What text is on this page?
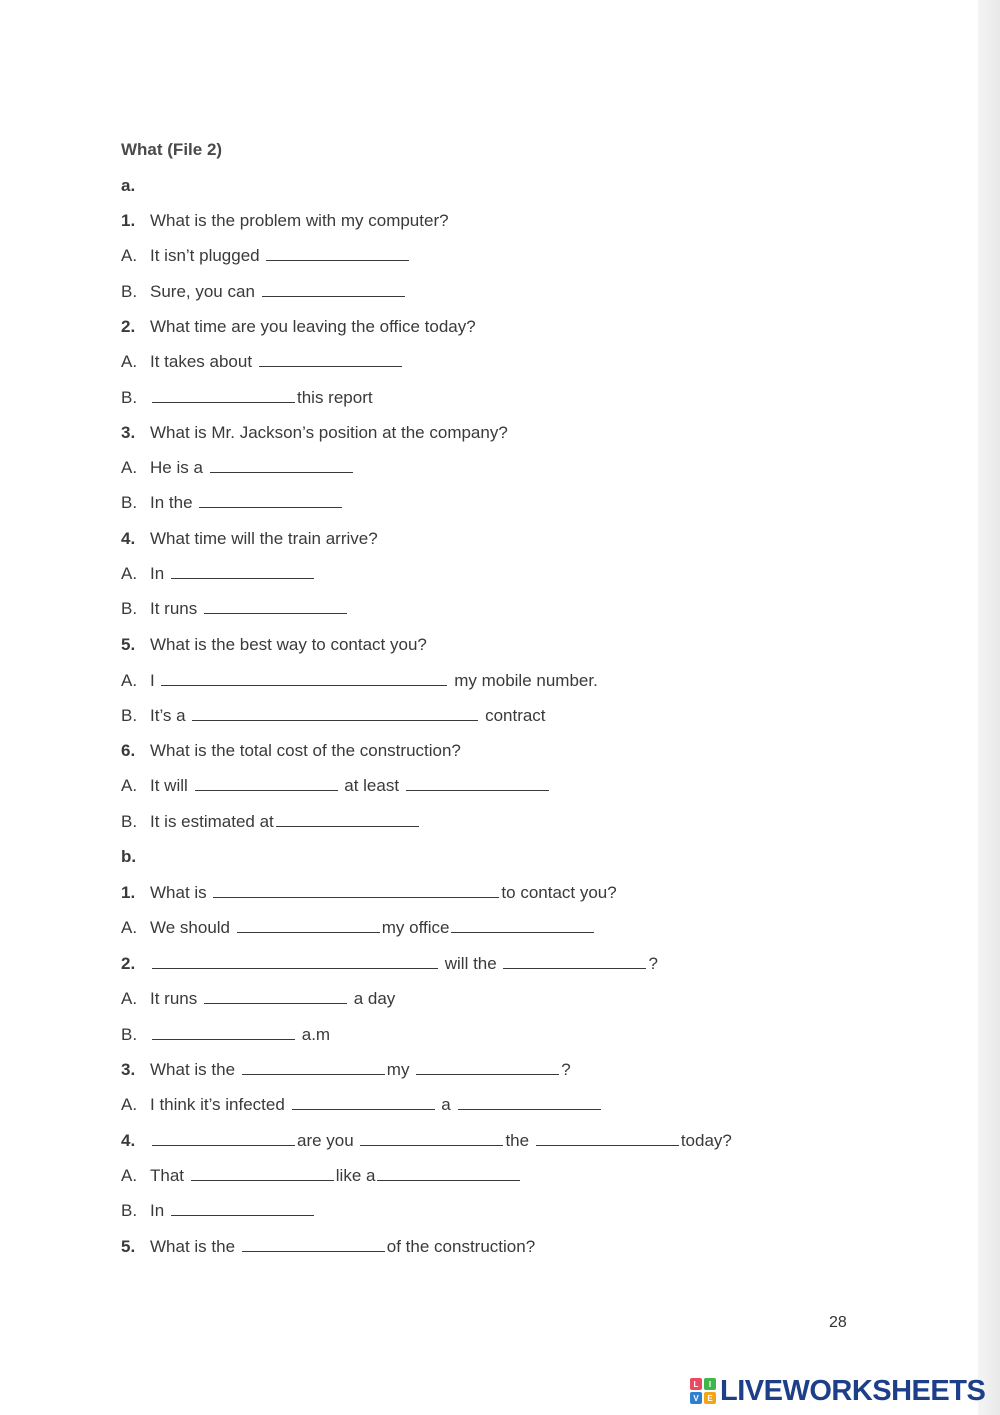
What (File 2)
a.
1. What is the problem with my computer?
A. It isn’t plugged
B. Sure, you can
2. What time are you leaving the office today?
A. It takes about
B.	this report
3. What is Mr. Jackson’s position at the company?
A. He is a
B. In the
4. What time will the train arrive?
A. In
B. It runs
5. What is the best way to contact you?
A. I	my mobile number.
B. It’s a	contract
6. What is the total cost of the construction?
A. It will	at least
B. It is estimated at
b.
1. What is	to contact you?
A. We should	my office
2.	will the	?
A. It runs	a day
B.	a.m
3. What is the	my	?
A. I think it’s infected	a
4.	are you	the	today?
A. That	like a
B. In
5. What is the	of the construction?
28
L	I
V	E LIVEWORKSHEETS
